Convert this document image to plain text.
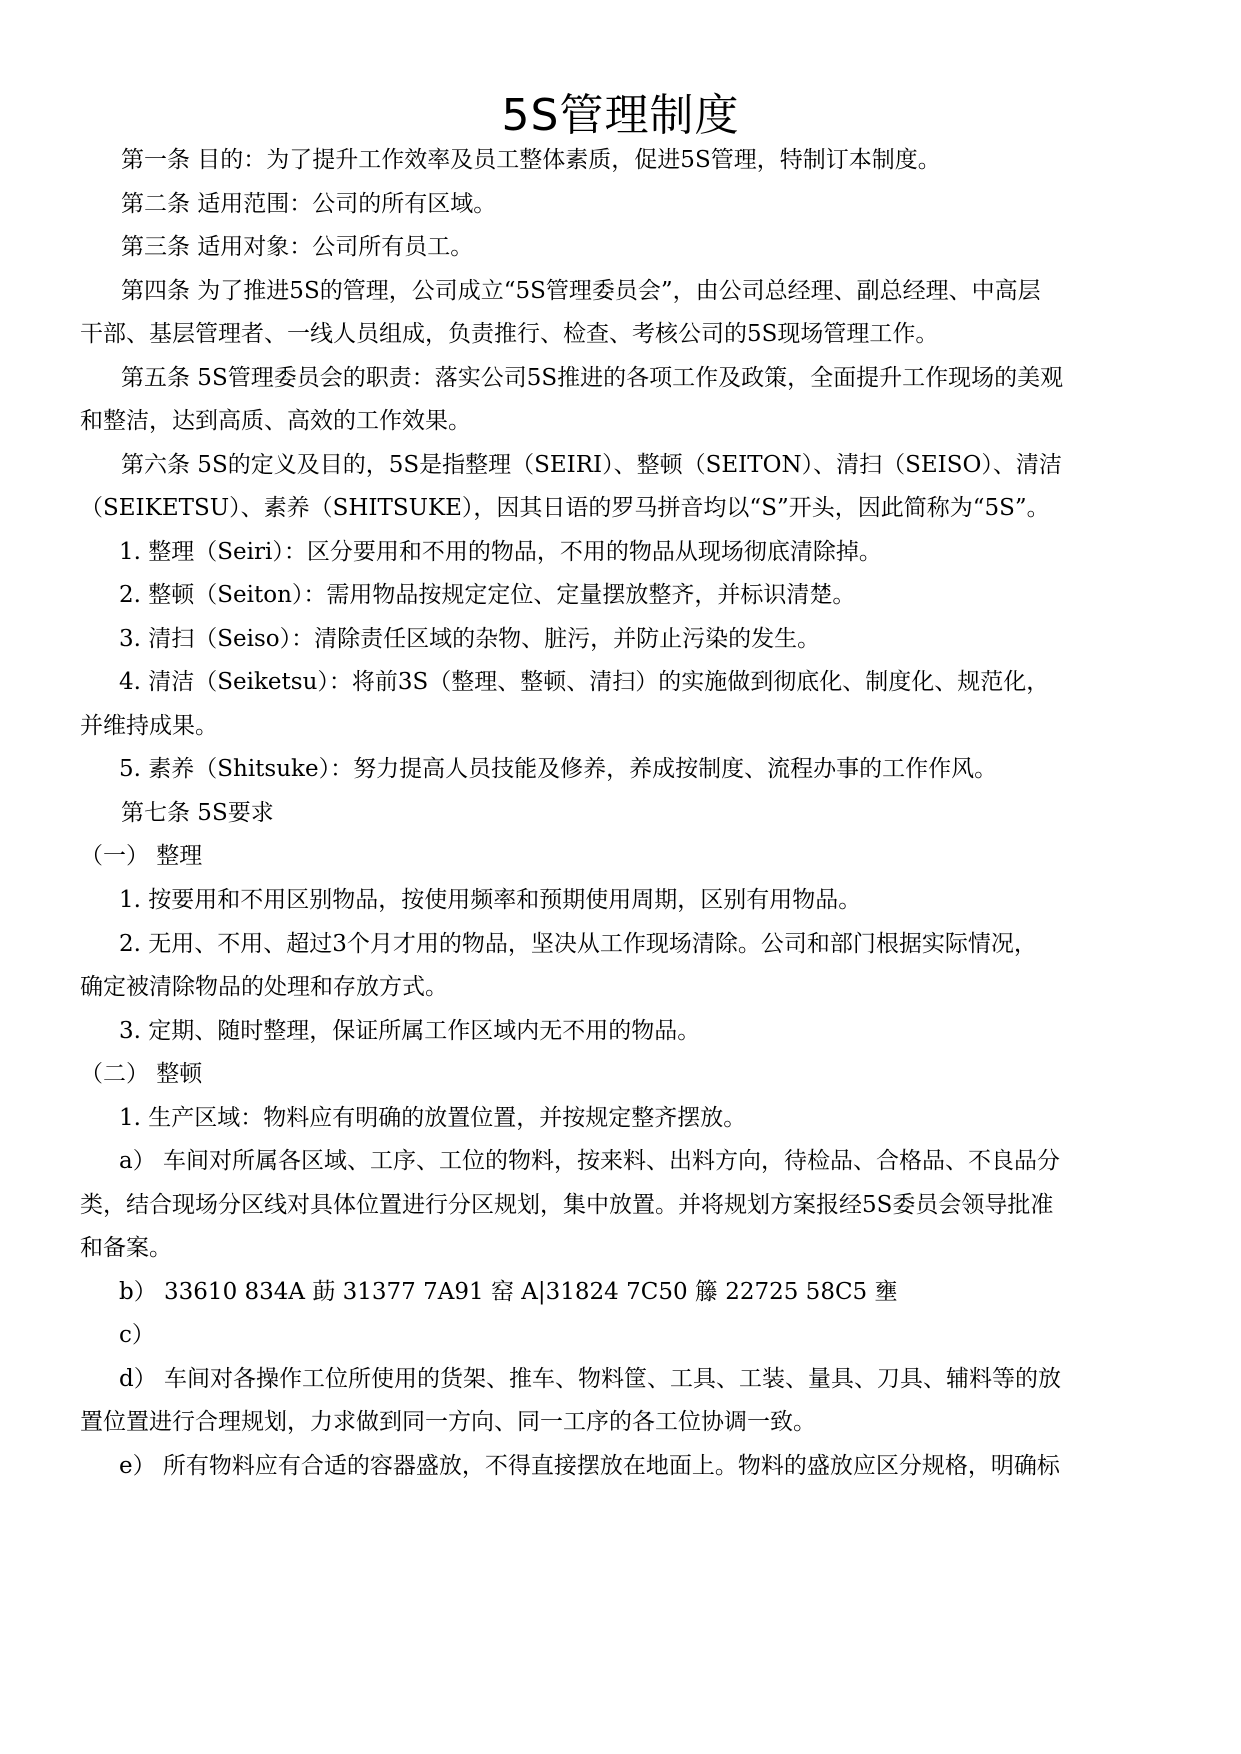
5S管理制度
第一条 目的：为了提升工作效率及员工整体素质，促进5S管理，特制订本制度。
第二条 适用范围：公司的所有区域。
第三条 适用对象：公司所有员工。
第四条 为了推进5S的管理，公司成立“5S管理委员会”，由公司总经理、副总经理、中高层
干部、基层管理者、一线人员组成，负责推行、检查、考核公司的5S现场管理工作。
第五条 5S管理委员会的职责：落实公司5S推进的各项工作及政策，全面提升工作现场的美观
和整洁，达到高质、高效的工作效果。
第六条 5S的定义及目的，5S是指整理（SEIRI）、整顿（SEITON）、清扫（SEISO）、清洁
（SEIKETSU）、素养（SHITSUKE），因其日语的罗马拼音均以“S”开头，因此简称为“5S”。
1. 整理（Seiri）：区分要用和不用的物品，不用的物品从现场彻底清除掉。
2. 整顿（Seiton）：需用物品按规定定位、定量摆放整齐，并标识清楚。
3. 清扫（Seiso）：清除责任区域的杂物、脏污，并防止污染的发生。
4. 清洁（Seiketsu）：将前3S（整理、整顿、清扫）的实施做到彻底化、制度化、规范化，
并维持成果。
5. 素养（Shitsuke）：努力提高人员技能及修养，养成按制度、流程办事的工作作风。
第七条 5S要求
（一） 整理
1. 按要用和不用区别物品，按使用频率和预期使用周期，区别有用物品。
2. 无用、不用、超过3个月才用的物品，坚决从工作现场清除。公司和部门根据实际情况，
确定被清除物品的处理和存放方式。
3. 定期、随时整理，保证所属工作区域内无不用的物品。
（二） 整顿
1. 生产区域：物料应有明确的放置位置，并按规定整齐摆放。
a） 车间对所属各区域、工序、工位的物料，按来料、出料方向，待检品、合格品、不良品分
类，结合现场分区线对具体位置进行分区规划，集中放置。并将规划方案报经5S委员会领导批准
和备案。
b） 33610 834A 莇 31377 7A91 窑 A|31824 7C50 籐 22725 58C5 壅
c）
d） 车间对各操作工位所使用的货架、推车、物料筐、工具、工装、量具、刀具、辅料等的放
置位置进行合理规划，力求做到同一方向、同一工序的各工位协调一致。
e） 所有物料应有合适的容器盛放，不得直接摆放在地面上。物料的盛放应区分规格，明确标
